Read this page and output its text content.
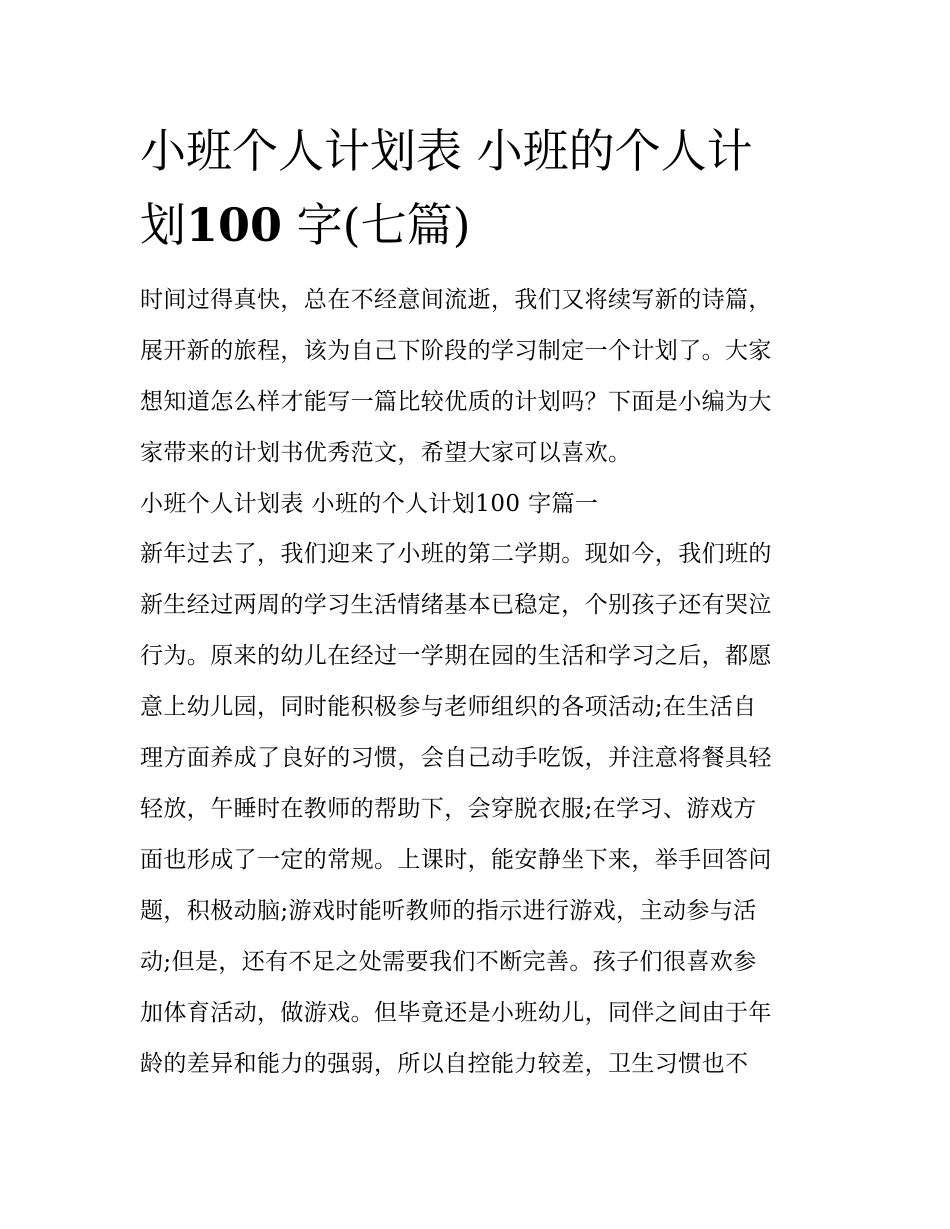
小班个人计划表 小班的个人计
划100 字(七篇)
时间过得真快，总在不经意间流逝，我们又将续写新的诗篇，
展开新的旅程，该为自己下阶段的学习制定一个计划了。大家
想知道怎么样才能写一篇比较优质的计划吗？下面是小编为大
家带来的计划书优秀范文，希望大家可以喜欢。
小班个人计划表 小班的个人计划100 字篇一
新年过去了，我们迎来了小班的第二学期。现如今，我们班的
新生经过两周的学习生活情绪基本已稳定，个别孩子还有哭泣
行为。原来的幼儿在经过一学期在园的生活和学习之后，都愿
意上幼儿园，同时能积极参与老师组织的各项活动;在生活自
理方面养成了良好的习惯，会自己动手吃饭，并注意将餐具轻
轻放，午睡时在教师的帮助下，会穿脱衣服;在学习、游戏方
面也形成了一定的常规。上课时，能安静坐下来，举手回答问
题，积极动脑;游戏时能听教师的指示进行游戏，主动参与活
动;但是，还有不足之处需要我们不断完善。孩子们很喜欢参
加体育活动，做游戏。但毕竟还是小班幼儿，同伴之间由于年
龄的差异和能力的强弱，所以自控能力较差，卫生习惯也不
